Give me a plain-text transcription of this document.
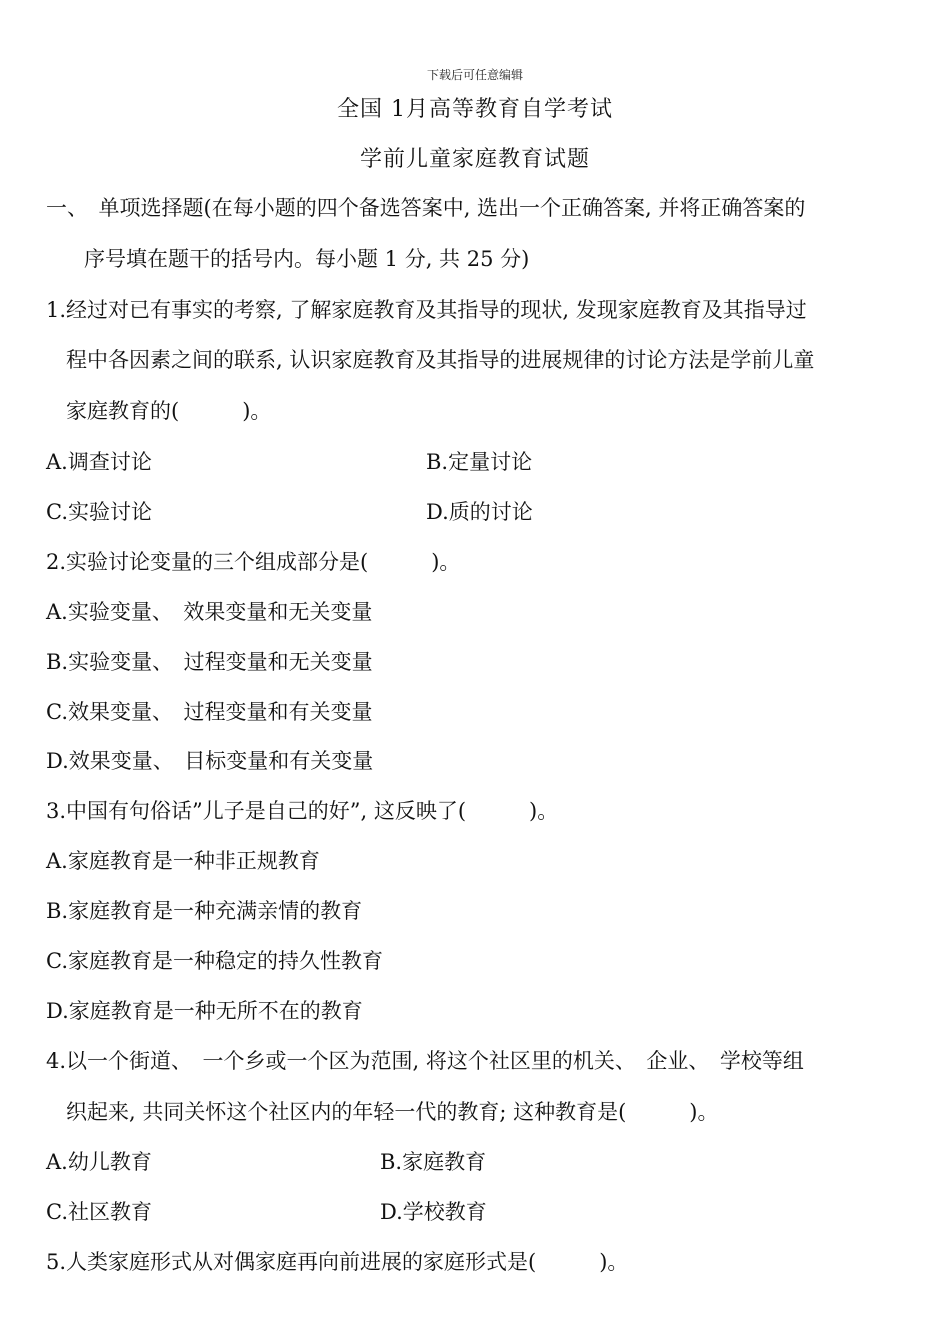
下载后可任意编辑
全国 1月高等教育自学考试
学前儿童家庭教育试题
一、　单项选择题(在每小题的四个备选答案中, 选出一个正确答案, 并将正确答案的
序号填在题干的括号内。每小题 1 分, 共 25 分)
1.经过对已有事实的考察, 了解家庭教育及其指导的现状, 发现家庭教育及其指导过
程中各因素之间的联系, 认识家庭教育及其指导的进展规律的讨论方法是学前儿童
家庭教育的(　　　)。
A.调查讨论	B.定量讨论
C.实验讨论	D.质的讨论
2.实验讨论变量的三个组成部分是(　　　)。
A.实验变量、　效果变量和无关变量
B.实验变量、　过程变量和无关变量
C.效果变量、　过程变量和有关变量
D.效果变量、　目标变量和有关变量
3.中国有句俗话”儿子是自己的好”, 这反映了(　　　)。
A.家庭教育是一种非正规教育
B.家庭教育是一种充满亲情的教育
C.家庭教育是一种稳定的持久性教育
D.家庭教育是一种无所不在的教育
4.以一个街道、　一个乡或一个区为范围, 将这个社区里的机关、　企业、　学校等组
织起来, 共同关怀这个社区内的年轻一代的教育; 这种教育是(　　　)。
A.幼儿教育	B.家庭教育
C.社区教育	D.学校教育
5.人类家庭形式从对偶家庭再向前进展的家庭形式是(　　　)。
